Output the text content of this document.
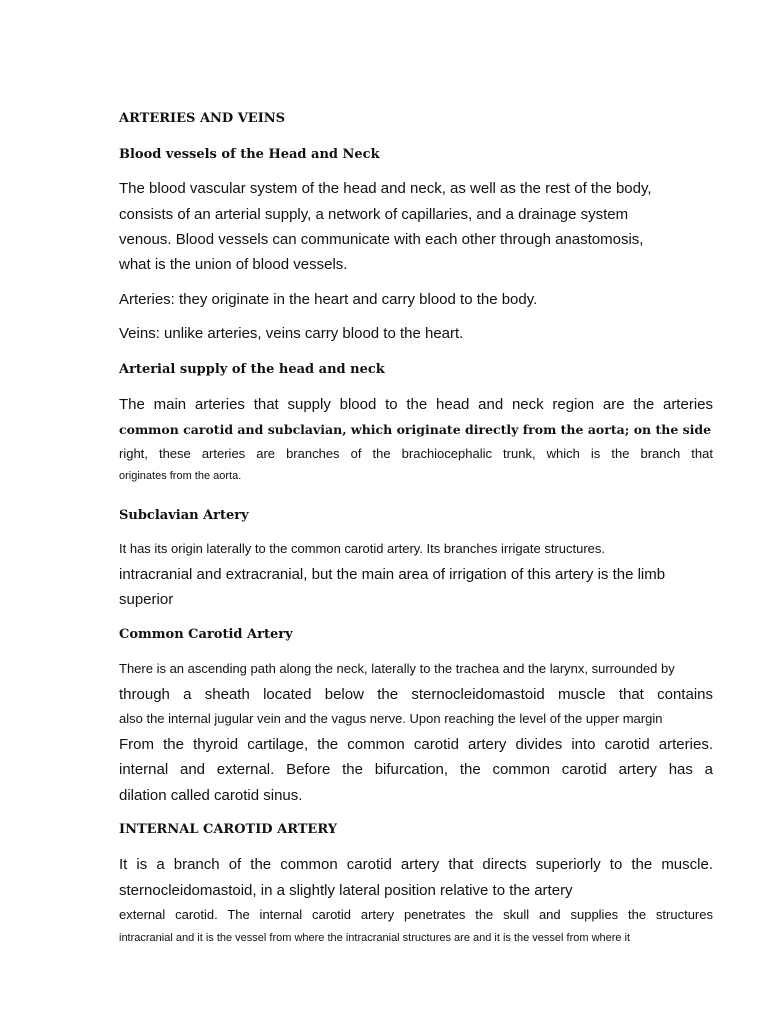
ARTERIES AND VEINS

Blood vessels of the Head and Neck

The blood vascular system of the head and neck, as well as the rest of the body,

consists of an arterial supply, a network of capillaries, and a drainage system

venous. Blood vessels can communicate with each other through anastomosis,

what is the union of blood vessels.

Arteries: they originate in the heart and carry blood to the body.

Veins: unlike arteries, veins carry blood to the heart.

Arterial supply of the head and neck

The main arteries that supply blood to the head and neck region are the arteries

common carotid and subclavian, which originate directly from the aorta; on the side

right, these arteries are branches of the brachiocephalic trunk, which is the branch that

originates from the aorta.

Subclavian Artery

It has its origin laterally to the common carotid artery. Its branches irrigate structures.

intracranial and extracranial, but the main area of irrigation of this artery is the limb

superior

Common Carotid Artery

There is an ascending path along the neck, laterally to the trachea and the larynx, surrounded by

through a sheath located below the sternocleidomastoid muscle that contains

also the internal jugular vein and the vagus nerve. Upon reaching the level of the upper margin

From the thyroid cartilage, the common carotid artery divides into carotid arteries.

internal and external. Before the bifurcation, the common carotid artery has a

dilation called carotid sinus.

INTERNAL CAROTID ARTERY

It is a branch of the common carotid artery that directs superiorly to the muscle.

sternocleidomastoid, in a slightly lateral position relative to the artery

external carotid. The internal carotid artery penetrates the skull and supplies the structures

intracranial and it is the vessel from where the intracranial structures are and it is the vessel from where it
